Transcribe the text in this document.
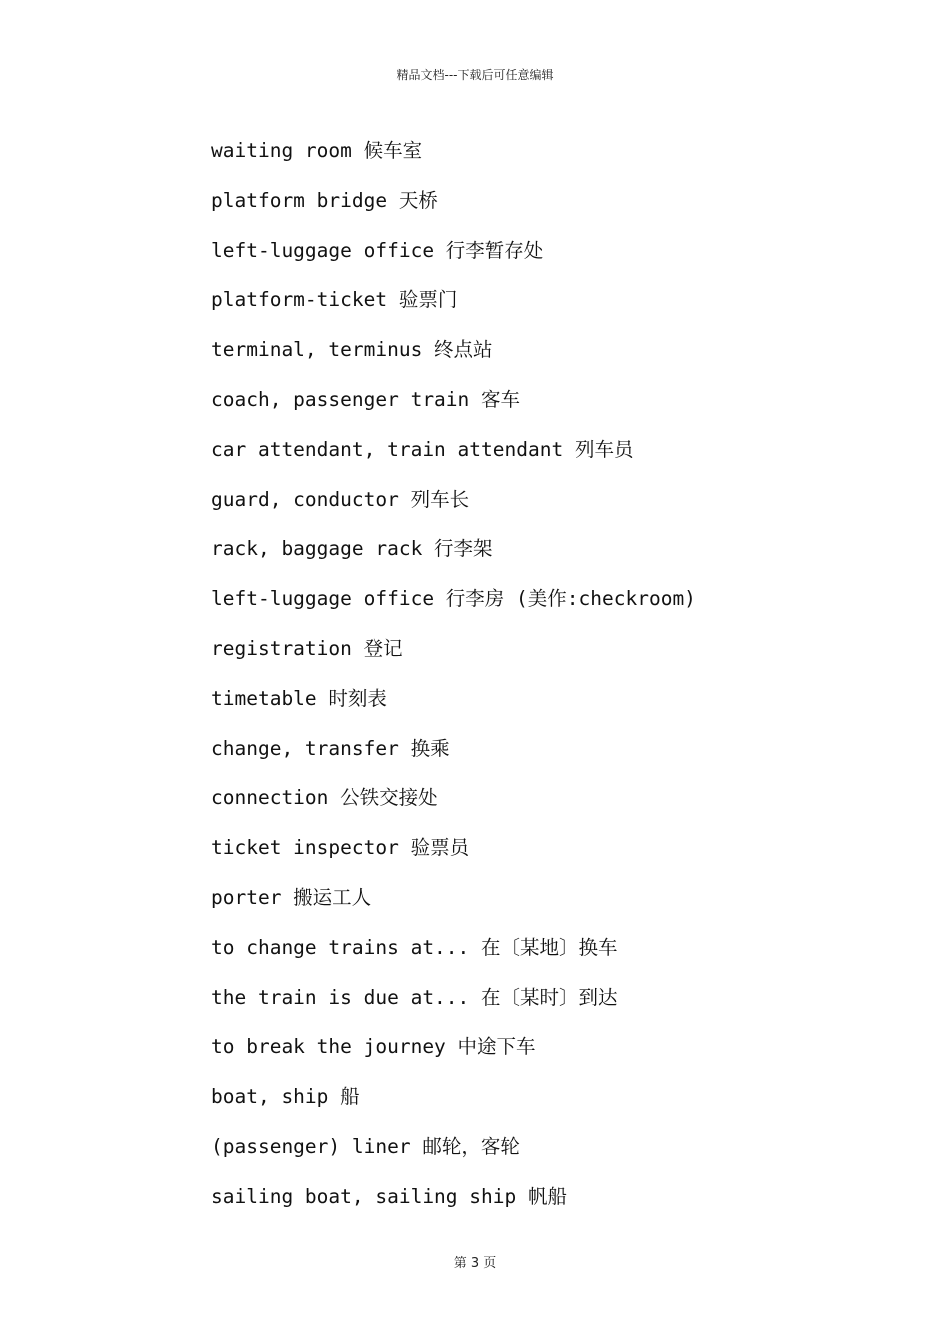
精品文档---下载后可任意编辑
waiting room 候车室
platform bridge 天桥
left-luggage office 行李暂存处
platform-ticket 验票门
terminal, terminus 终点站
coach, passenger train 客车
car attendant, train attendant 列车员
guard, conductor 列车长
rack, baggage rack 行李架
left-luggage office 行李房 (美作:checkroom)
registration 登记
timetable 时刻表
change, transfer 换乘
connection 公铁交接处
ticket inspector 验票员
porter 搬运工人
to change trains at... 在〔某地〕换车
the train is due at... 在〔某时〕到达
to break the journey 中途下车
boat, ship 船
(passenger) liner 邮轮，客轮
sailing boat, sailing ship 帆船
第 3 页
